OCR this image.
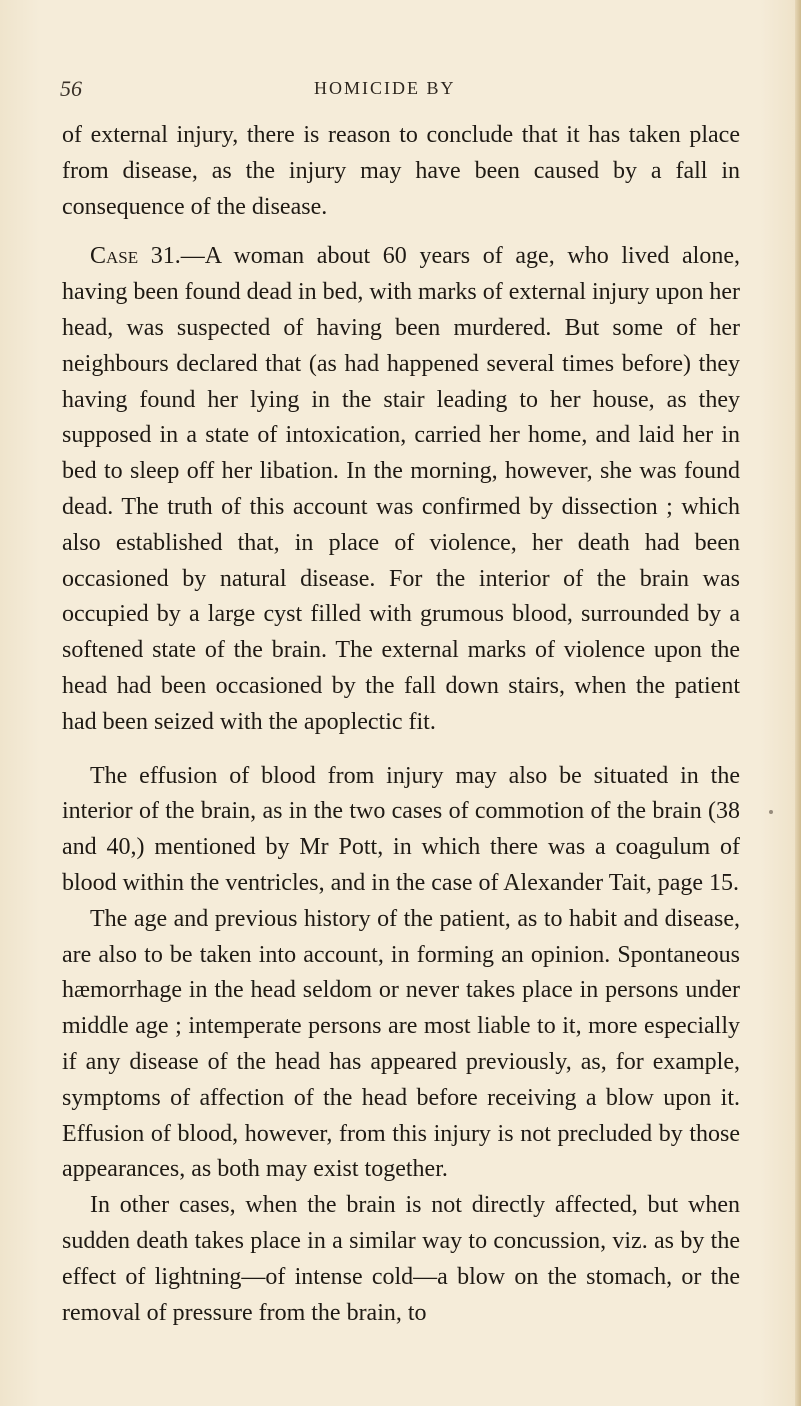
56	HOMICIDE BY

of external injury, there is reason to conclude that it has taken place from disease, as the injury may have been caused by a fall in consequence of the disease.

Case 31.—A woman about 60 years of age, who lived alone, having been found dead in bed, with marks of external injury upon her head, was suspected of having been murdered. But some of her neighbours declared that (as had happened several times before) they having found her lying in the stair leading to her house, as they supposed in a state of intoxication, carried her home, and laid her in bed to sleep off her libation. In the morning, however, she was found dead. The truth of this account was confirmed by dissection ; which also established that, in place of violence, her death had been occasioned by natural disease. For the interior of the brain was occupied by a large cyst filled with grumous blood, surrounded by a softened state of the brain. The external marks of violence upon the head had been occasioned by the fall down stairs, when the patient had been seized with the apoplectic fit.

The effusion of blood from injury may also be situated in the interior of the brain, as in the two cases of commotion of the brain (38 and 40,) mentioned by Mr Pott, in which there was a coagulum of blood within the ventricles, and in the case of Alexander Tait, page 15.

The age and previous history of the patient, as to habit and disease, are also to be taken into account, in forming an opinion. Spontaneous hæmorrhage in the head seldom or never takes place in persons under middle age ; intemperate persons are most liable to it, more especially if any disease of the head has appeared previously, as, for example, symptoms of affection of the head before receiving a blow upon it. Effusion of blood, however, from this injury is not precluded by those appearances, as both may exist together.

In other cases, when the brain is not directly affected, but when sudden death takes place in a similar way to concussion, viz. as by the effect of lightning—of intense cold—a blow on the stomach, or the removal of pressure from the brain, to
